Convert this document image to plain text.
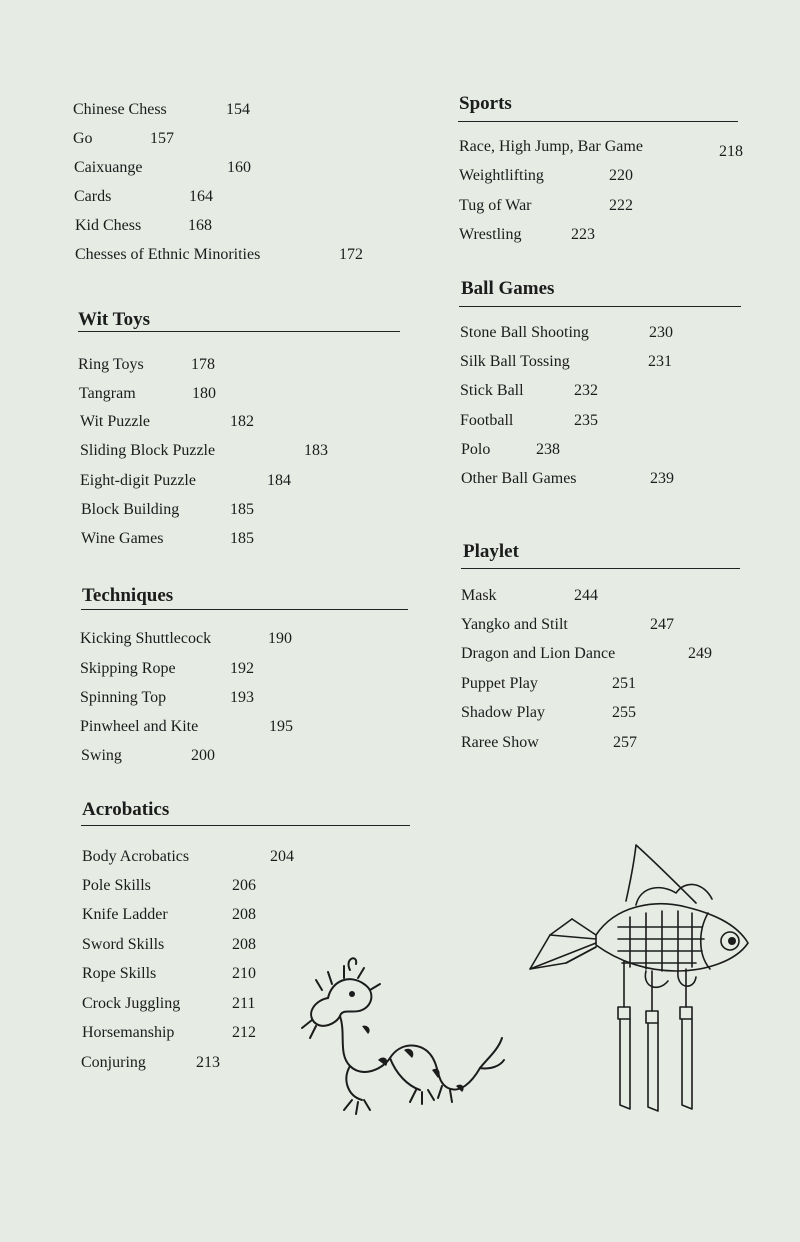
Chinese Chess	154
Go	157
Caixuange	160
Cards	164
Kid Chess	168
Chesses of Ethnic Minorities	172
Wit Toys
Ring Toys	178
Tangram	180
Wit Puzzle	182
Sliding Block Puzzle	183
Eight-digit Puzzle	184
Block Building	185
Wine Games	185
Techniques
Kicking Shuttlecock	190
Skipping Rope	192
Spinning Top	193
Pinwheel and Kite	195
Swing	200
Acrobatics
Body Acrobatics	204
Pole Skills	206
Knife Ladder	208
Sword Skills	208
Rope Skills	210
Crock Juggling	211
Horsemanship	212
Conjuring	213
Sports
Race, High Jump, Bar Game	218
Weightlifting	220
Tug of War	222
Wrestling	223
Ball Games
Stone Ball Shooting	230
Silk Ball Tossing	231
Stick Ball	232
Football	235
Polo	238
Other Ball Games	239
Playlet
Mask	244
Yangko and Stilt	247
Dragon and Lion Dance	249
Puppet Play	251
Shadow Play	255
Raree Show	257
